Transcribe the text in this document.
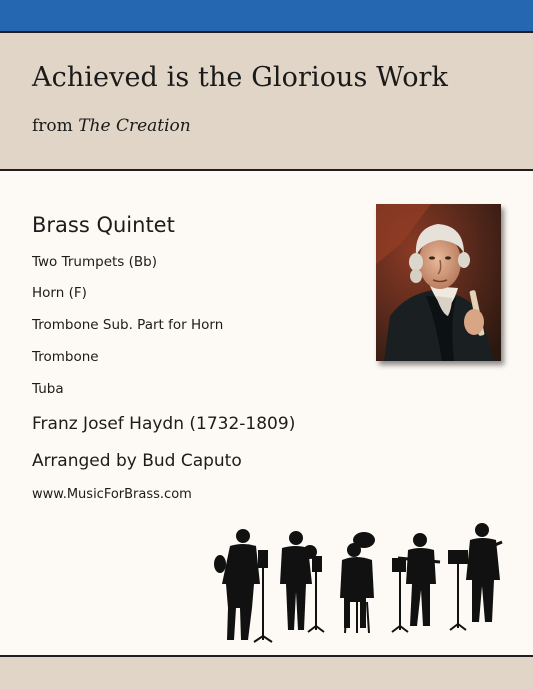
Achieved is the Glorious Work
from The Creation
Brass Quintet
Two Trumpets (Bb)
Horn (F)
Trombone Sub. Part for Horn
Trombone
Tuba
Franz Josef Haydn (1732-1809)
Arranged by Bud Caputo
www.MusicForBrass.com
